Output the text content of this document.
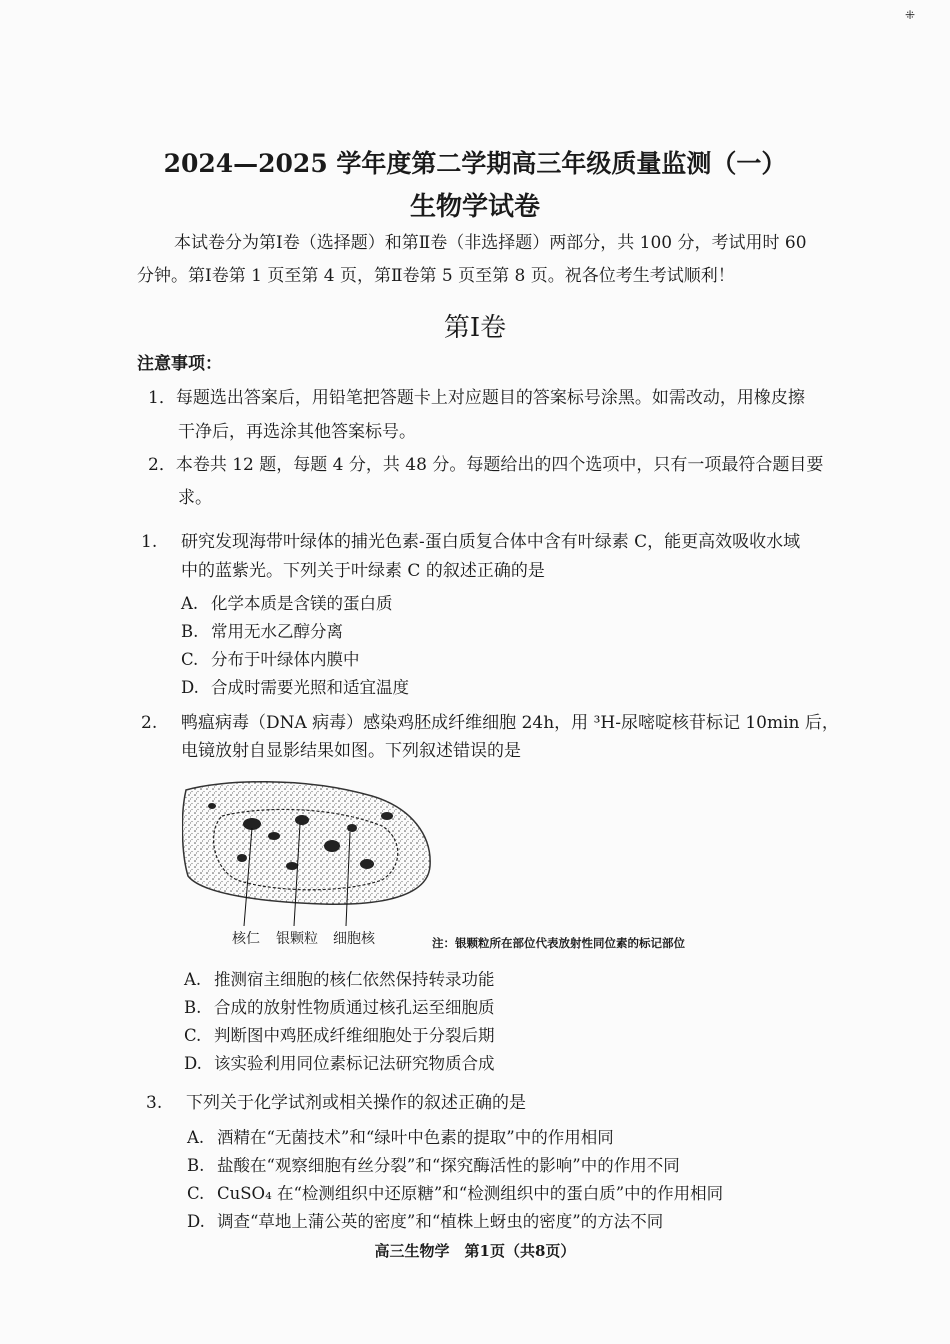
⁜
2024—2025 学年度第二学期高三年级质量监测（一）
生物学试卷
本试卷分为第Ⅰ卷（选择题）和第Ⅱ卷（非选择题）两部分，共 100 分，考试用时 60
分钟。第Ⅰ卷第 1 页至第 4 页，第Ⅱ卷第 5 页至第 8 页。祝各位考生考试顺利！
第Ⅰ卷
注意事项：
1．每题选出答案后，用铅笔把答题卡上对应题目的答案标号涂黑。如需改动，用橡皮擦
干净后，再选涂其他答案标号。
2．本卷共 12 题，每题 4 分，共 48 分。每题给出的四个选项中，只有一项最符合题目要
求。
1. 研究发现海带叶绿体的捕光色素-蛋白质复合体中含有叶绿素 C，能更高效吸收水域
中的蓝紫光。下列关于叶绿素 C 的叙述正确的是
A. 化学本质是含镁的蛋白质
B. 常用无水乙醇分离
C. 分布于叶绿体内膜中
D. 合成时需要光照和适宜温度
2. 鸭瘟病毒（DNA 病毒）感染鸡胚成纤维细胞 24h，用 ³H-尿嘧啶核苷标记 10min 后，
电镜放射自显影结果如图。下列叙述错误的是
核仁 银颗粒 细胞核	注：银颗粒所在部位代表放射性同位素的标记部位
A. 推测宿主细胞的核仁依然保持转录功能
B. 合成的放射性物质通过核孔运至细胞质
C. 判断图中鸡胚成纤维细胞处于分裂后期
D. 该实验利用同位素标记法研究物质合成
3. 下列关于化学试剂或相关操作的叙述正确的是
A. 酒精在“无菌技术”和“绿叶中色素的提取”中的作用相同
B. 盐酸在“观察细胞有丝分裂”和“探究酶活性的影响”中的作用不同
C. CuSO₄ 在“检测组织中还原糖”和“检测组织中的蛋白质”中的作用相同
D. 调查“草地上蒲公英的密度”和“植株上蚜虫的密度”的方法不同
高三生物学　第1页（共8页）
